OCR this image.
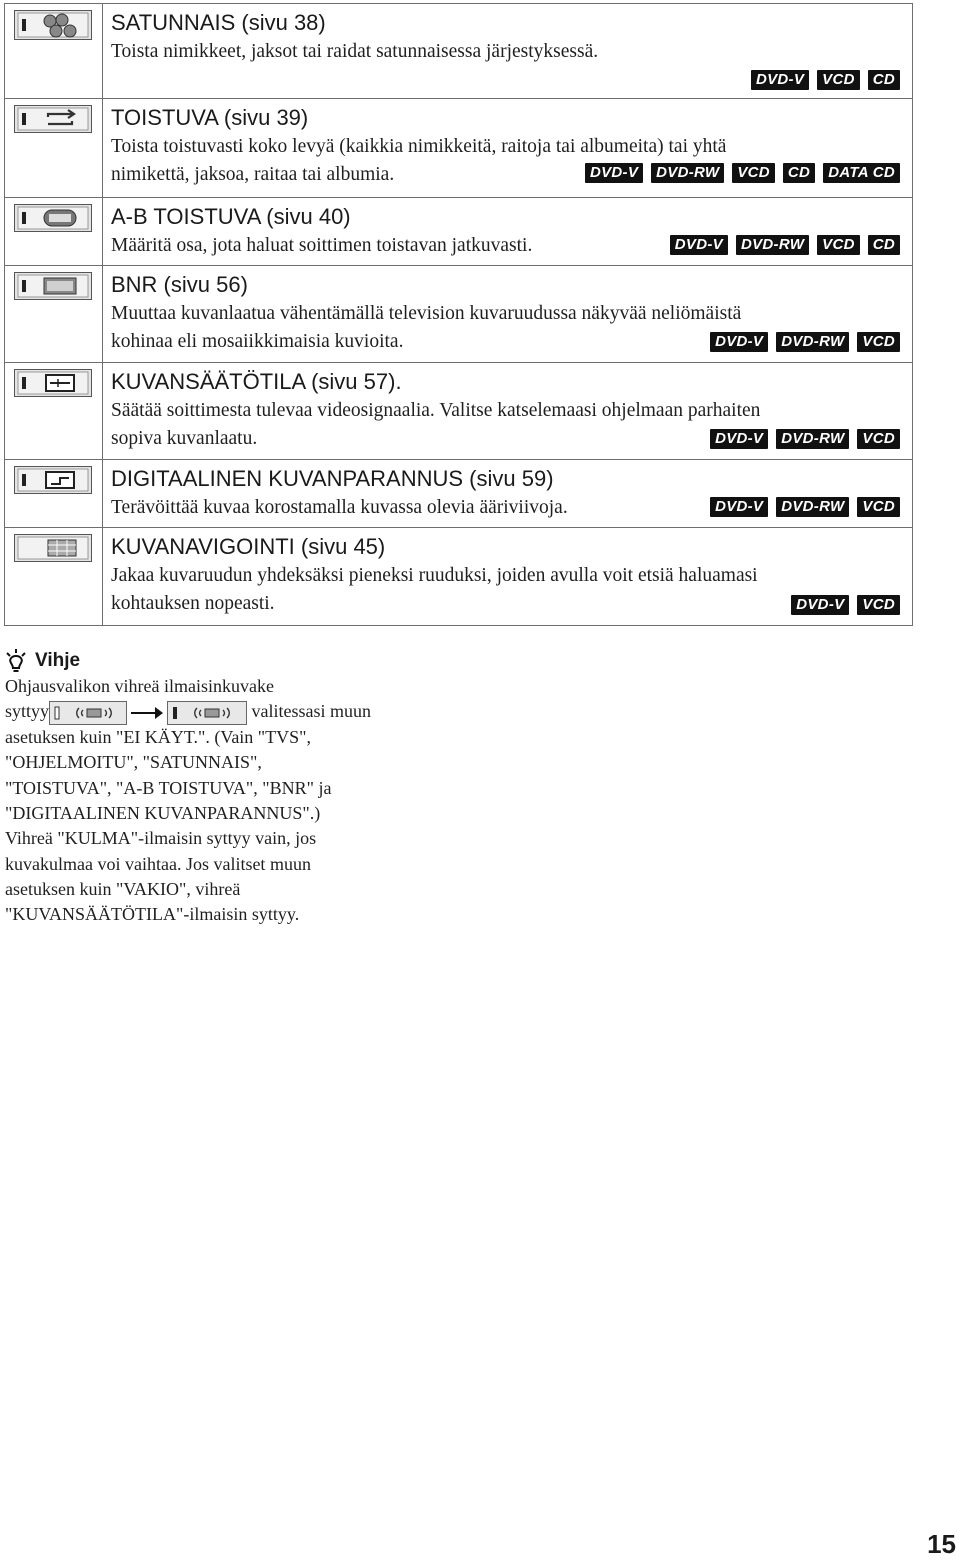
SATUNNAIS (sivu 38)
Toista nimikkeet, jaksot tai raidat satunnaisessa järjestyksessä.
DVD-V	VCD	CD
TOISTUVA (sivu 39)
Toista toistuvasti koko levyä (kaikkia nimikkeitä, raitoja tai albumeita) tai yhtä
nimikettä, jaksoa, raitaa tai albumia.	DVD-V	DVD-RW	VCD	CD	DATA CD
A-B TOISTUVA (sivu 40)
Määritä osa, jota haluat soittimen toistavan jatkuvasti.	DVD-V	DVD-RW	VCD	CD
BNR (sivu 56)
Muuttaa kuvanlaatua vähentämällä television kuvaruudussa näkyvää neliömäistä
kohinaa eli mosaiikkimaisia kuvioita.	DVD-V	DVD-RW	VCD
KUVANSÄÄTÖTILA (sivu 57).
Säätää soittimesta tulevaa videosignaalia. Valitse katselemaasi ohjelmaan parhaiten
sopiva kuvanlaatu.	DVD-V	DVD-RW	VCD
DIGITAALINEN KUVANPARANNUS (sivu 59)
Terävöittää kuvaa korostamalla kuvassa olevia ääriviivoja.	DVD-V	DVD-RW	VCD
KUVANAVIGOINTI (sivu 45)
Jakaa kuvaruudun yhdeksäksi pieneksi ruuduksi, joiden avulla voit etsiä haluamasi
kohtauksen nopeasti.	DVD-V	VCD
Vihje
Ohjausvalikon vihreä ilmaisinkuvake
syttyy	valitessasi muun
asetuksen kuin "EI KÄYT.". (Vain "TVS",
"OHJELMOITU", "SATUNNAIS",
"TOISTUVA", "A-B TOISTUVA", "BNR" ja
"DIGITAALINEN KUVANPARANNUS".)
Vihreä "KULMA"-ilmaisin syttyy vain, jos
kuvakulmaa voi vaihtaa. Jos valitset muun
asetuksen kuin "VAKIO", vihreä
"KUVANSÄÄTÖTILA"-ilmaisin syttyy.
15
